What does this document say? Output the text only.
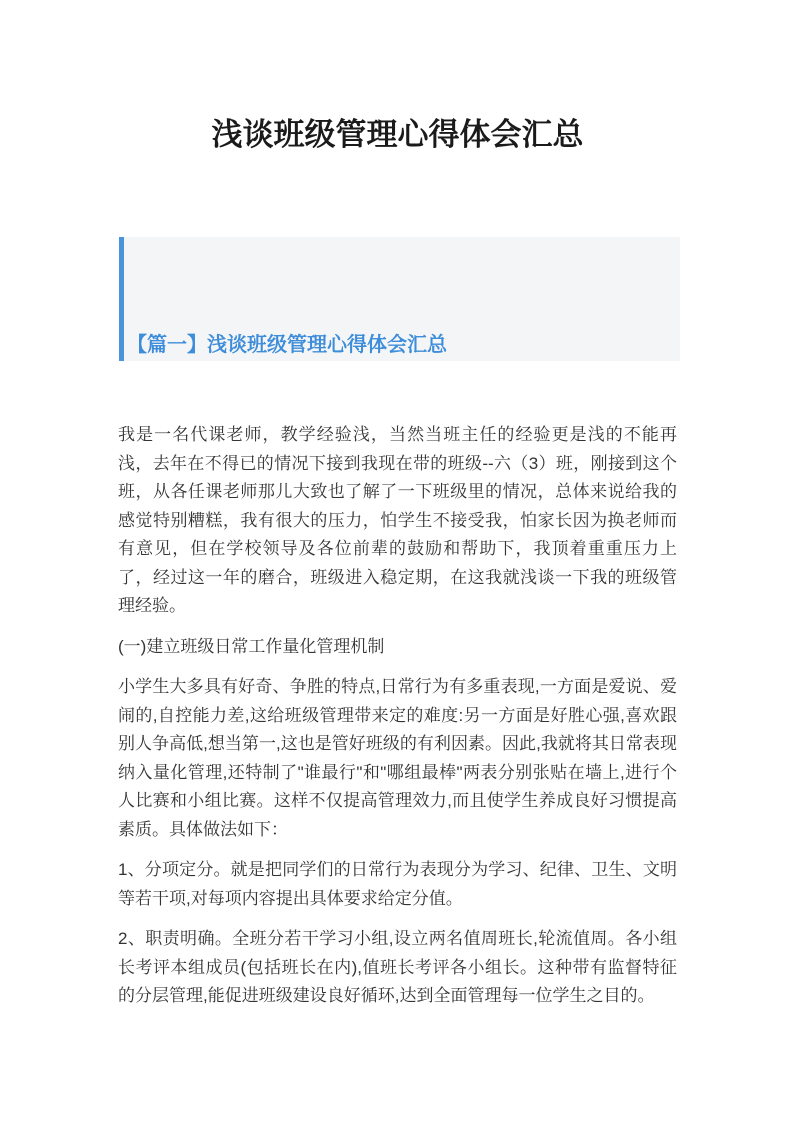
浅谈班级管理心得体会汇总
【篇一】浅谈班级管理心得体会汇总

我是一名代课老师，教学经验浅，当然当班主任的经验更是浅的不能再浅，去年在不得已的情况下接到我现在带的班级--六（3）班，刚接到这个班，从各任课老师那儿大致也了解了一下班级里的情况，总体来说给我的感觉特别糟糕，我有很大的压力，怕学生不接受我，怕家长因为换老师而有意见，但在学校领导及各位前辈的鼓励和帮助下，我顶着重重压力上了，经过这一年的磨合，班级进入稳定期，在这我就浅谈一下我的班级管理经验。

(一)建立班级日常工作量化管理机制

小学生大多具有好奇、争胜的特点,日常行为有多重表现,一方面是爱说、爱闹的,自控能力差,这给班级管理带来定的难度:另一方面是好胜心强,喜欢跟别人争高低,想当第一,这也是管好班级的有利因素。因此,我就将其日常表现纳入量化管理,还特制了"谁最行"和"哪组最棒"两表分别张贴在墙上,进行个人比赛和小组比赛。这样不仅提高管理效力,而且使学生养成良好习惯提高素质。具体做法如下：

1、分项定分。就是把同学们的日常行为表现分为学习、纪律、卫生、文明等若干项,对每项内容提出具体要求给定分值。

2、职责明确。全班分若干学习小组,设立两名值周班长,轮流值周。各小组长考评本组成员(包括班长在内),值班长考评各小组长。这种带有监督特征的分层管理,能促进班级建设良好循环,达到全面管理每一位学生之目的。
